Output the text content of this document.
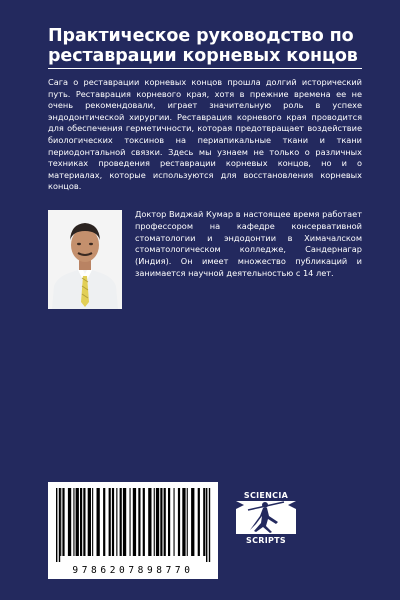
Практическое руководство по реставрации корневых концов
Сага о реставрации корневых концов прошла долгий исторический путь. Реставрация корневого края, хотя в прежние времена ее не очень рекомендовали, играет значительную роль в успехе эндодонтической хирургии. Реставрация корневого края проводится для обеспечения герметичности, которая предотвращает воздействие биологических токсинов на периапикальные ткани и ткани периодонтальной связки. Здесь мы узнаем не только о различных техниках проведения реставрации корневых концов, но и о материалах, которые используются для восстановления корневых концов.
Доктор Виджай Кумар в настоящее время работает профессором на кафедре консервативной стоматологии и эндодонтии в Химачалском стоматологическом колледже, Сандернагар (Индия). Он имеет множество публикаций и занимается научной деятельностью с 14 лет.
9786207898770
SCIENCIA
SCRIPTS
